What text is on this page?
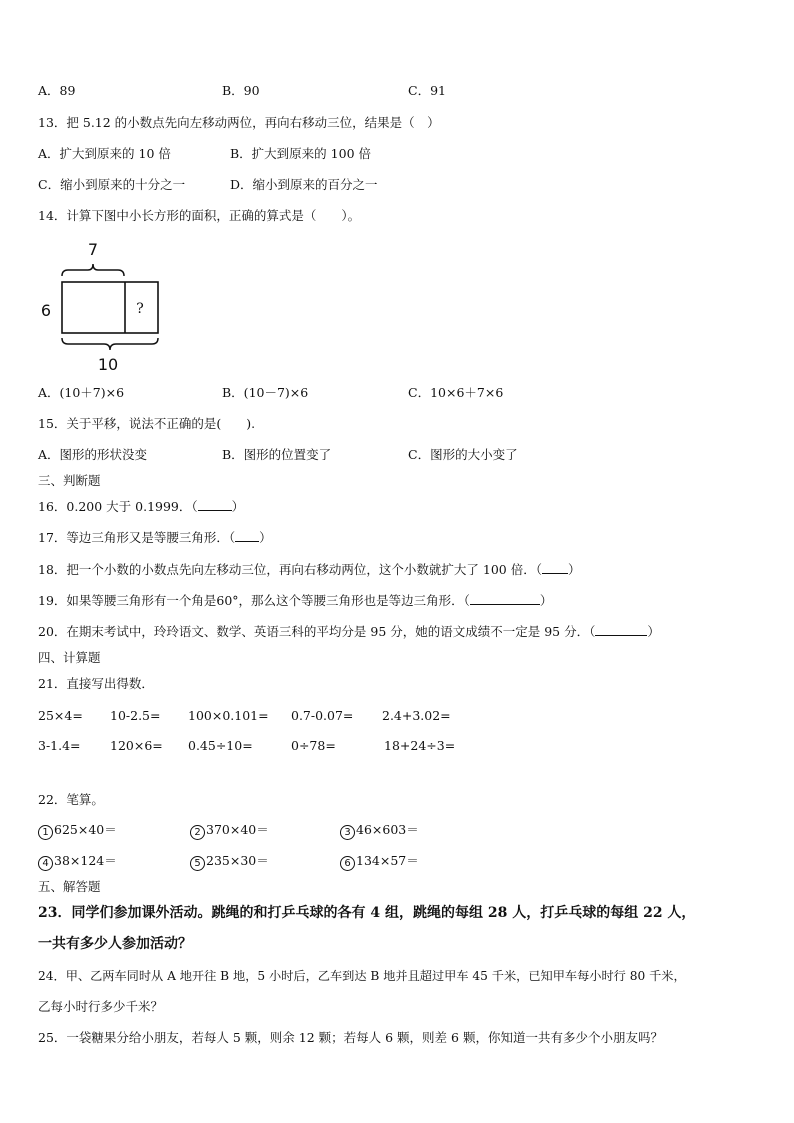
A．89	B．90	C．91
13．把 5.12 的小数点先向左移动两位，再向右移动三位，结果是（　）
A．扩大到原来的 10 倍	B．扩大到原来的 100 倍
C．缩小到原来的十分之一	D．缩小到原来的百分之一
14．计算下图中小长方形的面积，正确的算式是（　　）。
7
6	?
10
A．(10＋7)×6	B．(10－7)×6	C．10×6＋7×6
15．关于平移，说法不正确的是(　　).
A．图形的形状没变	B．图形的位置变了	C．图形的大小变了
三、判断题
16．0.200 大于 0.1999．（	）
17．等边三角形又是等腰三角形．（ ）
18．把一个小数的小数点先向左移动三位，再向右移动两位，这个小数就扩大了 100 倍．（ ）
19．如果等腰三角形有一个角是60°，那么这个等腰三角形也是等边三角形．（	）
20．在期末考试中，玲玲语文、数学、英语三科的平均分是 95 分，她的语文成绩不一定是 95 分．（	）
四、计算题
21．直接写出得数．
25×4= 10-2.5= 100×0.101= 0.7-0.07= 2.4+3.02=
3-1.4= 120×6= 0.45÷10=	0÷78=	18+24÷3=
22．笔算。
1 625×40＝	2 370×40＝	3 46×603＝
4 38×124＝	5 235×30＝	6 134×57＝
五、解答题
23．同学们参加课外活动。跳绳的和打乒乓球的各有 4 组，跳绳的每组 28 人，打乒乓球的每组 22 人，
一共有多少人参加活动？
24．甲、乙两车同时从 A 地开往 B 地，5 小时后，乙车到达 B 地并且超过甲车 45 千米，已知甲车每小时行 80 千米，
乙每小时行多少千米？
25．一袋糖果分给小朋友，若每人 5 颗，则余 12 颗；若每人 6 颗，则差 6 颗，你知道一共有多少个小朋友吗？
